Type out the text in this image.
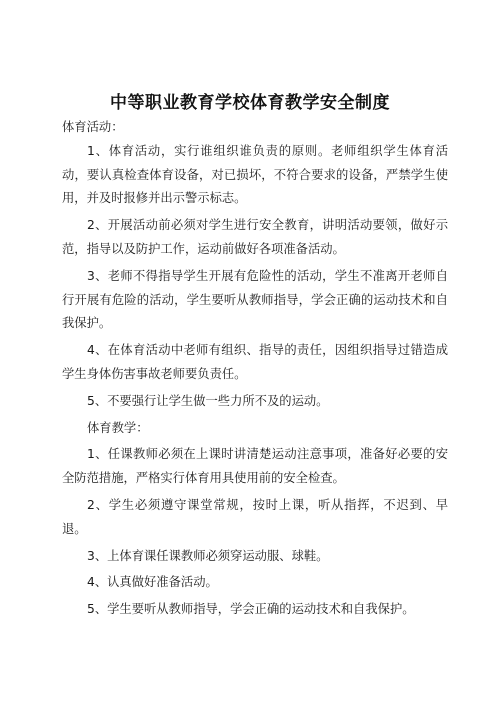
中等职业教育学校体育教学安全制度

体育活动：

1、体育活动，实行谁组织谁负责的原则。老师组织学生体育活动，要认真检查体育设备，对已损坏，不符合要求的设备，严禁学生使用，并及时报修并出示警示标志。

2、开展活动前必须对学生进行安全教育，讲明活动要领，做好示范，指导以及防护工作，运动前做好各项准备活动。

3、老师不得指导学生开展有危险性的活动，学生不准离开老师自行开展有危险的活动，学生要听从教师指导，学会正确的运动技术和自我保护。

4、在体育活动中老师有组织、指导的责任，因组织指导过错造成学生身体伤害事故老师要负责任。

5、不要强行让学生做一些力所不及的运动。

体育教学：

1、任课教师必须在上课时讲清楚运动注意事项，准备好必要的安全防范措施，严格实行体育用具使用前的安全检查。

2、学生必须遵守课堂常规，按时上课，听从指挥，不迟到、早退。

3、上体育课任课教师必须穿运动服、球鞋。

4、认真做好准备活动。

5、学生要听从教师指导，学会正确的运动技术和自我保护。
